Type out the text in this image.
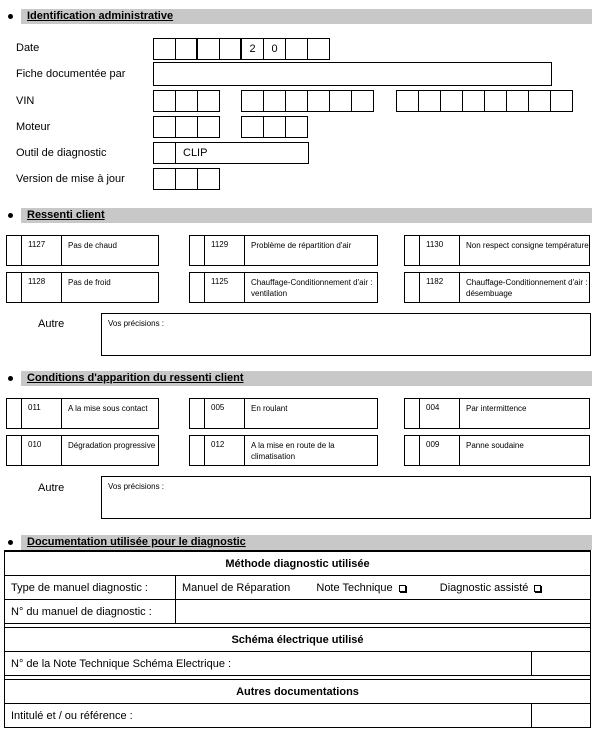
Identification administrative
Date	2	0
Fiche documentée par
VIN
Moteur
Outil de diagnostic	CLIP
Version de mise à jour
Ressenti client
1127	Pas de chaud	1129	Problème de répartition d'air	1130	Non respect consigne température
1128	Pas de froid	1125	Chauffage-Conditionnement d'air : ventilation
1182	Chauffage-Conditionnement d'air : désembuage
Autre	Vos précisions :
Conditions d'apparition du ressenti client
011	A la mise sous contact	005	En roulant	004	Par intermittence
010	Dégradation progressive	012	A la mise en route de la climatisation
009	Panne soudaine
Autre	Vos précisions :
Documentation utilisée pour le diagnostic
Méthode diagnostic utilisée		
Type de manuel diagnostic :	Manuel de Réparation Note Technique Diagnostic assisté	
N° du manuel de diagnostic :		

Schéma électrique utilisé		
N° de la Note Technique Schéma Electrique :		

Autres documentations		
Intitulé et / ou référence :		
